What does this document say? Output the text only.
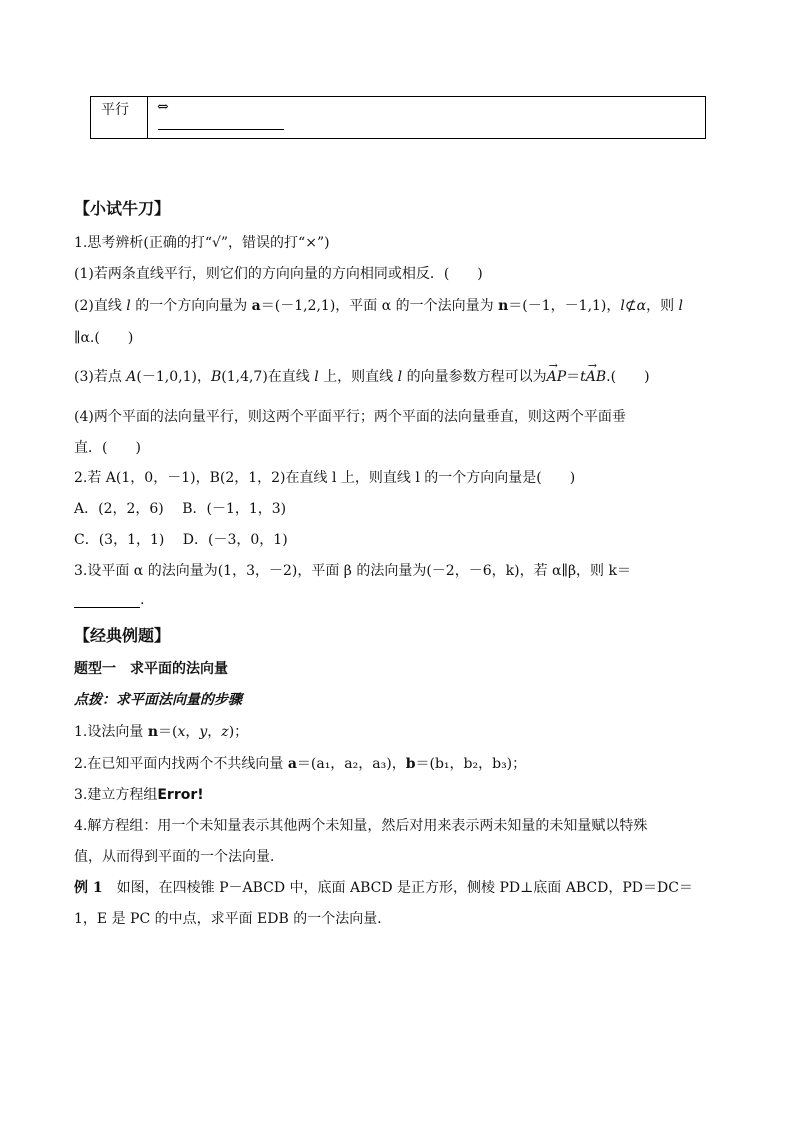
平行 ⇔
【小试牛刀】
1.思考辨析(正确的打“√”，错误的打“×”)
(1)若两条直线平行，则它们的方向向量的方向相同或相反．(　　)
(2)直线 l 的一个方向向量为 a＝(－1,2,1)，平面 α 的一个法向量为 n＝(－1，－1,1)，l⊄α，则 l
∥α.(　　)
(3)若点 A(－1,0,1)，B(1,4,7)在直线 l 上，则直线 l 的向量参数方程可以为→ AP＝t→ AB.(　　)
(4)两个平面的法向量平行，则这两个平面平行；两个平面的法向量垂直，则这两个平面垂
直．(　　)
2.若 A(1，0，－1)，B(2，1，2)在直线 l 上，则直线 l 的一个方向向量是(　　)
A．(2，2，6)　 B．(－1，1，3)
C．(3，1，1)　 D．(－3，0，1)
3.设平面 α 的法向量为(1，3，－2)，平面 β 的法向量为(－2，－6，k)，若 α∥β，则 k＝
.
【经典例题】
题型一　求平面的法向量
点拨：求平面法向量的步骤
1.设法向量 n＝(x，y，z)；
2.在已知平面内找两个不共线向量 a＝(a₁，a₂，a₃)，b＝(b₁，b₂，b₃)；
3.建立方程组Error!
4.解方程组：用一个未知量表示其他两个未知量，然后对用来表示两未知量的未知量赋以特殊
值，从而得到平面的一个法向量．
例 1　如图，在四棱锥 P－ABCD 中，底面 ABCD 是正方形，侧棱 PD⊥底面 ABCD，PD＝DC＝
1，E 是 PC 的中点，求平面 EDB 的一个法向量．
